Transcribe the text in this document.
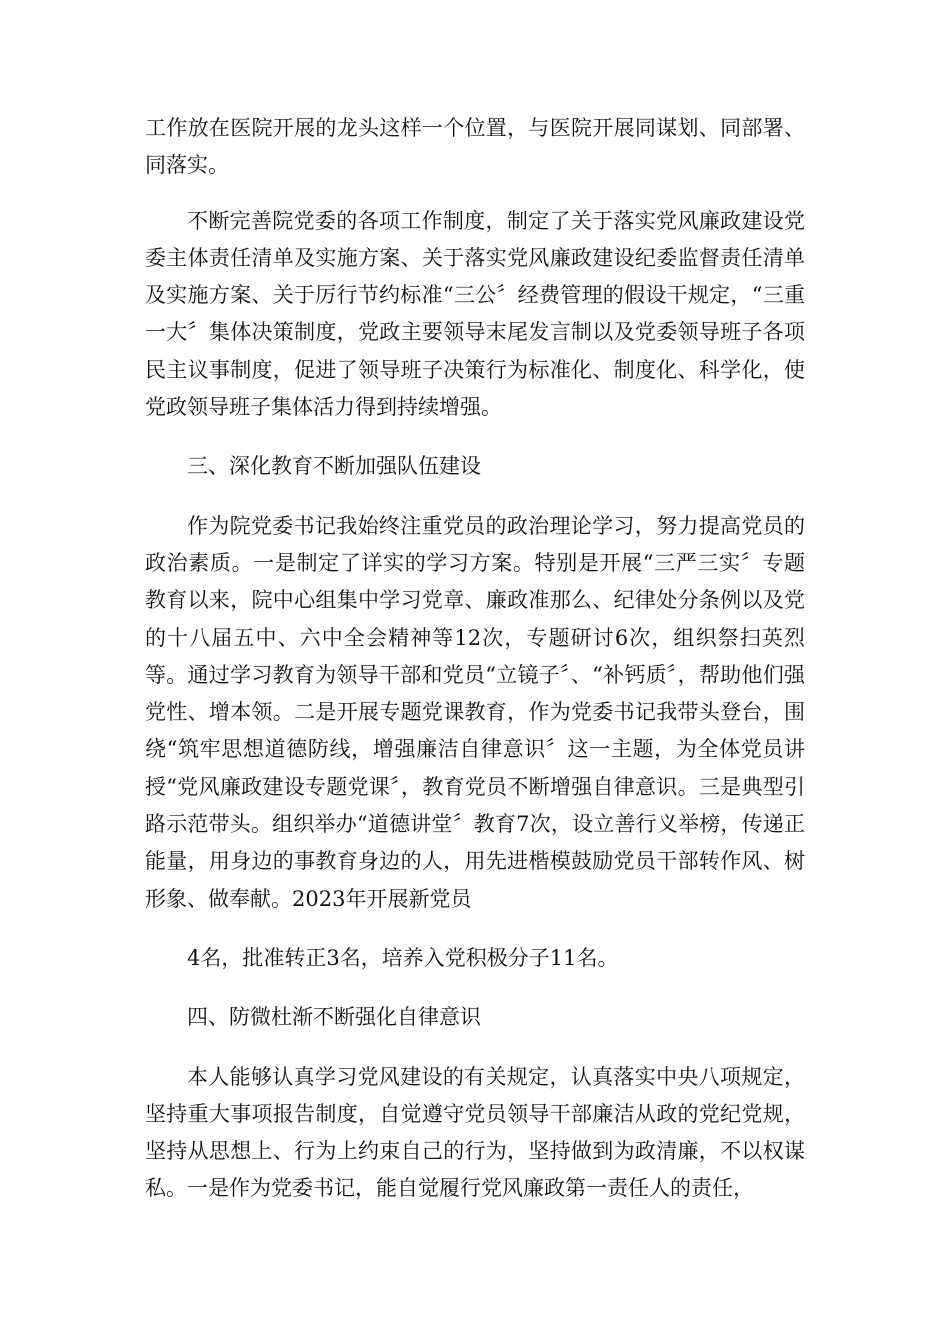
工作放在医院开展的龙头这样一个位置，与医院开展同谋划、同部署、同落实。

不断完善院党委的各项工作制度，制定了关于落实党风廉政建设党委主体责任清单及实施方案、关于落实党风廉政建设纪委监督责任清单及实施方案、关于厉行节约标准“三公〞经费管理的假设干规定，“三重一大〞集体决策制度，党政主要领导末尾发言制以及党委领导班子各项民主议事制度，促进了领导班子决策行为标准化、制度化、科学化，使党政领导班子集体活力得到持续增强。

三、深化教育不断加强队伍建设

作为院党委书记我始终注重党员的政治理论学习，努力提高党员的政治素质。一是制定了详实的学习方案。特别是开展“三严三实〞专题教育以来，院中心组集中学习党章、廉政准那么、纪律处分条例以及党的十八届五中、六中全会精神等12次，专题研讨6次，组织祭扫英烈等。通过学习教育为领导干部和党员“立镜子〞、“补钙质〞，帮助他们强党性、增本领。二是开展专题党课教育，作为党委书记我带头登台，围绕“筑牢思想道德防线，增强廉洁自律意识〞这一主题，为全体党员讲授“党风廉政建设专题党课〞，教育党员不断增强自律意识。三是典型引路示范带头。组织举办“道德讲堂〞教育7次，设立善行义举榜，传递正能量，用身边的事教育身边的人，用先进楷模鼓励党员干部转作风、树形象、做奉献。2023年开展新党员

4名，批准转正3名，培养入党积极分子11名。

四、防微杜渐不断强化自律意识

本人能够认真学习党风建设的有关规定，认真落实中央八项规定，坚持重大事项报告制度，自觉遵守党员领导干部廉洁从政的党纪党规，坚持从思想上、行为上约束自己的行为，坚持做到为政清廉，不以权谋私。一是作为党委书记，能自觉履行党风廉政第一责任人的责任，
